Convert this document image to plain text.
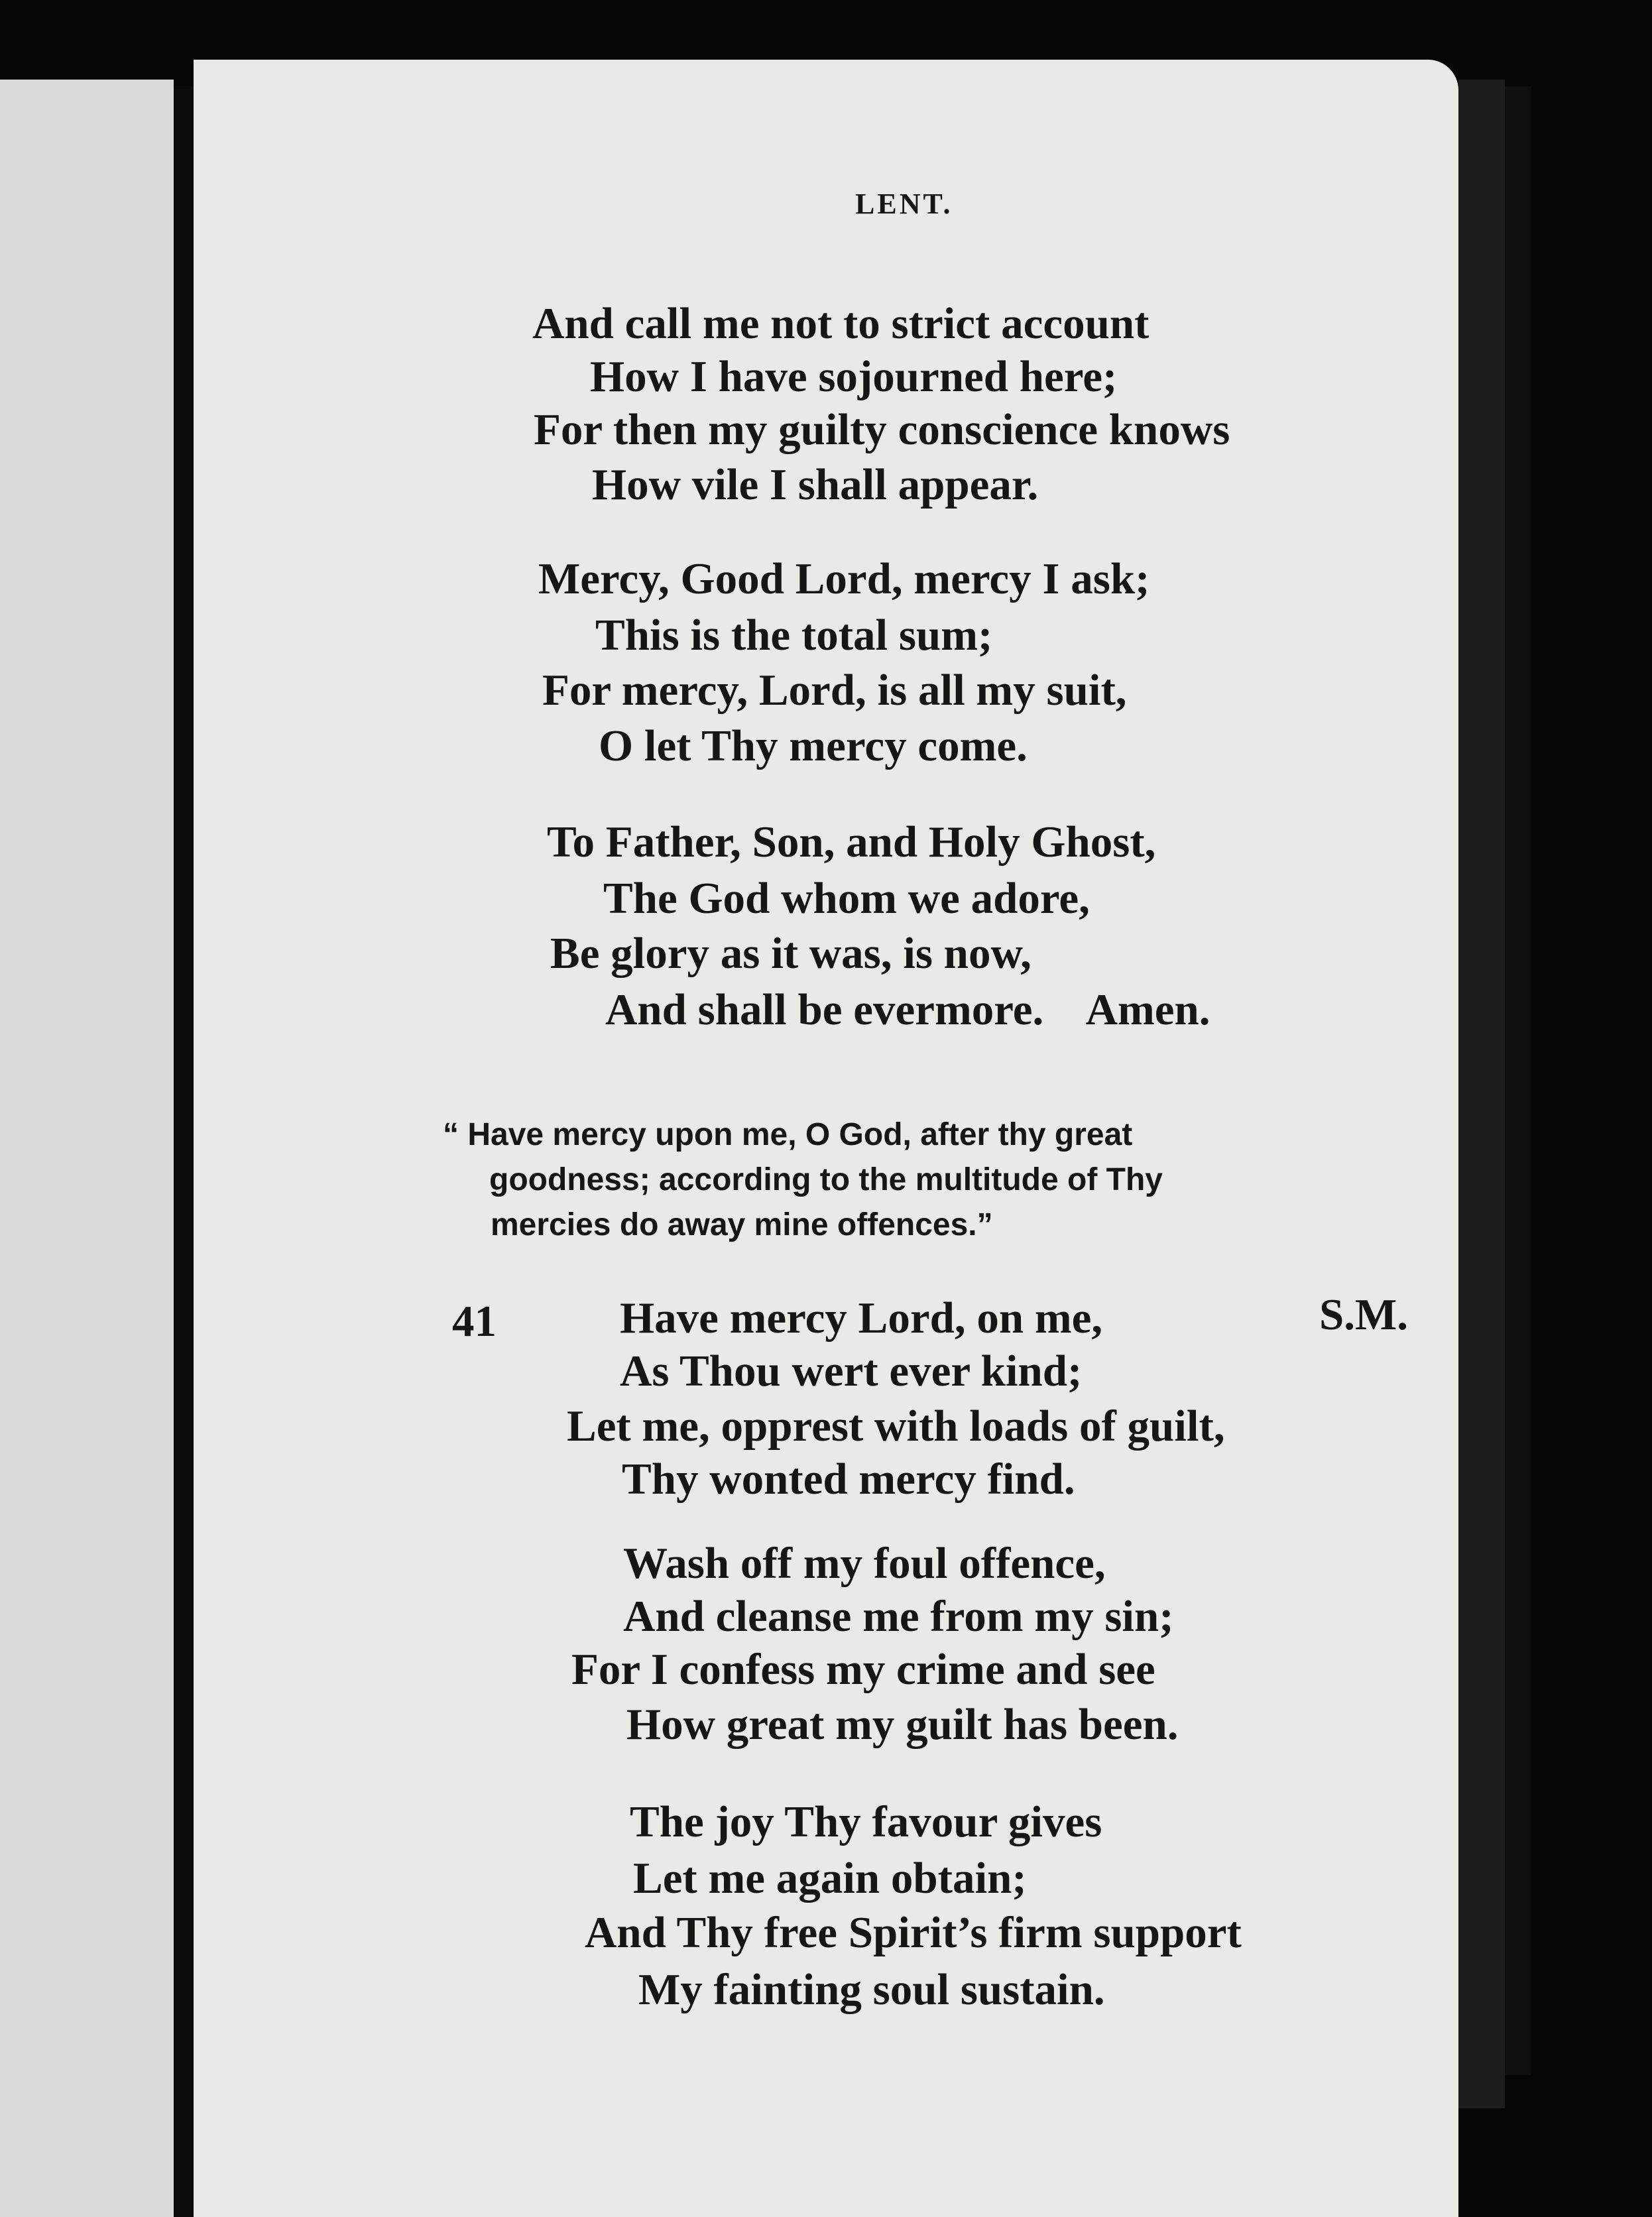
LENT.
And call me not to strict account
How I have sojourned here;
For then my guilty conscience knows
How vile I shall appear.
Mercy, Good Lord, mercy I ask;
This is the total sum;
For mercy, Lord, is all my suit,
O let Thy mercy come.
To Father, Son, and Holy Ghost,
The God whom we adore,
Be glory as it was, is now,
And shall be evermore.    Amen.
“ Have mercy upon me, O God, after thy great
goodness; according to the multitude of Thy
mercies do away mine offences.”
41	S.M.
Have mercy Lord, on me,
As Thou wert ever kind;
Let me, opprest with loads of guilt,
Thy wonted mercy find.
Wash off my foul offence,
And cleanse me from my sin;
For I confess my crime and see
How great my guilt has been.
The joy Thy favour gives
Let me again obtain;
And Thy free Spirit’s firm support
My fainting soul sustain.
